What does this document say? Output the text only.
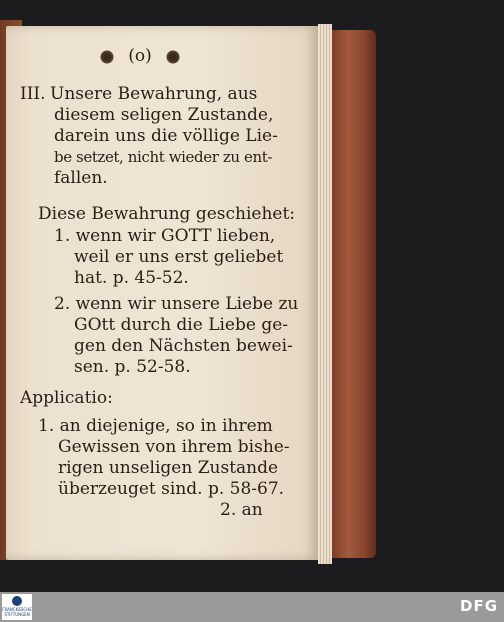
(o)
III. Unsere Bewahrung, aus
diesem seligen Zustande,
darein uns die völlige Lie-
be setzet, nicht wieder zu ent-
fallen.
Diese Bewahrung geschiehet:
1. wenn wir GOTT lieben,
weil er uns erst geliebet
hat. p. 45-52.
2. wenn wir unsere Liebe zu
GOtt durch die Liebe ge-
gen den Nächsten bewei-
sen. p. 52-58.
Applicatio:
1. an diejenige, so in ihrem
Gewissen von ihrem bishe-
rigen unseligen Zustande
überzeuget sind. p. 58-67.
2. an
FRANCKESCHE STIFTUNGEN	DFG
